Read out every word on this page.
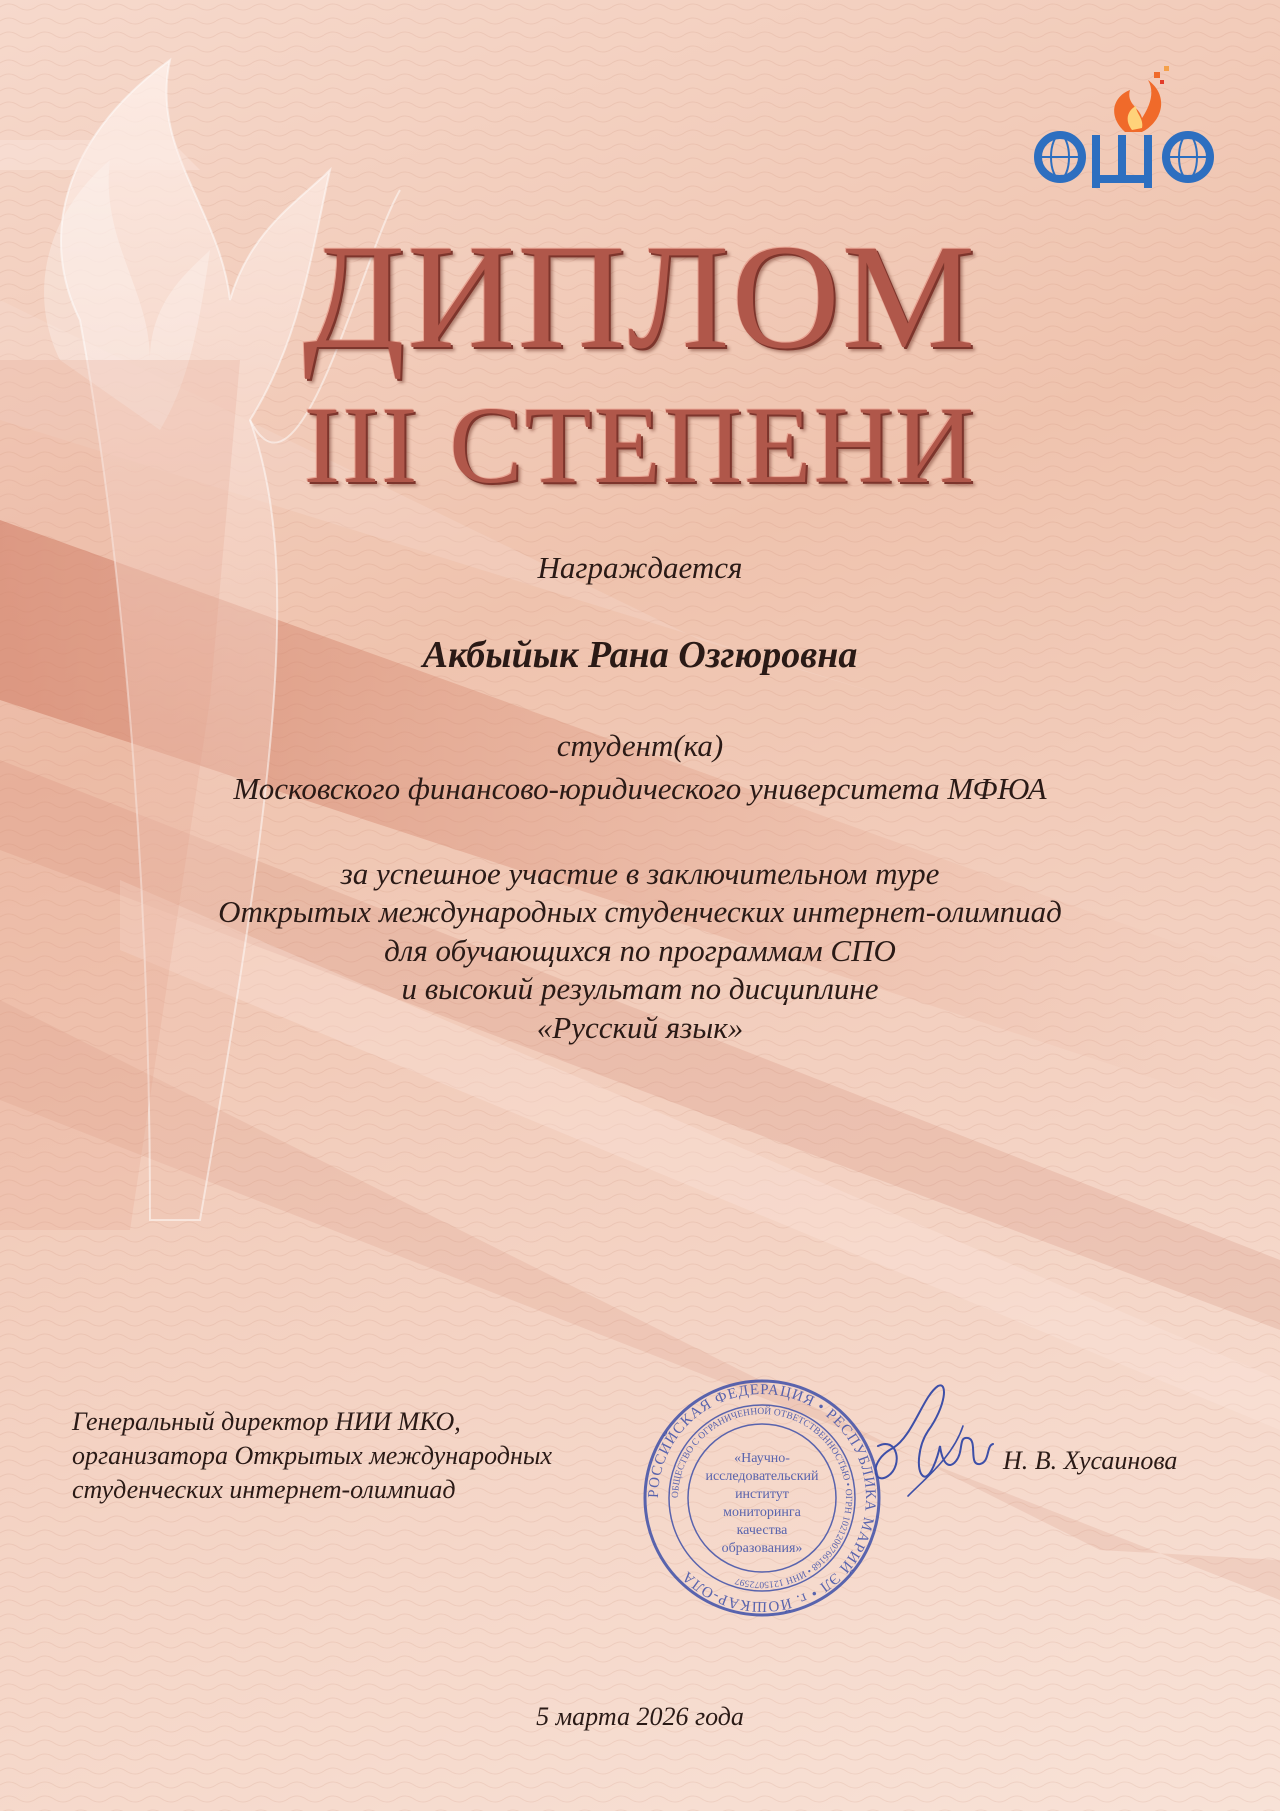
ДИПЛОМ
III СТЕПЕНИ
Награждается
Акбыйык Рана Озгюровна
студент(ка)
Московского финансово-юридического университета МФЮА
за успешное участие в заключительном туре
Открытых международных студенческих интернет-олимпиад
для обучающихся по программам СПО
и высокий результат по дисциплине
«Русский язык»
Генеральный директор НИИ МКО,
организатора Открытых международных
студенческих интернет-олимпиад	РОССИЙСКАЯ ФЕДЕРАЦИЯ • РЕСПУБЛИКА МАРИЙ ЭЛ • г. ЙОШКАР-ОЛА
ОБЩЕСТВО С ОГРАНИЧЕННОЙ ОТВЕТСТВЕННОСТЬЮ • ОГРН 1021200766168 • ИНН 1215072597
«Научно-
исследовательский
институт
мониторинга
качества
образования»
Н. В. Хусаинова
5 марта 2026 года
